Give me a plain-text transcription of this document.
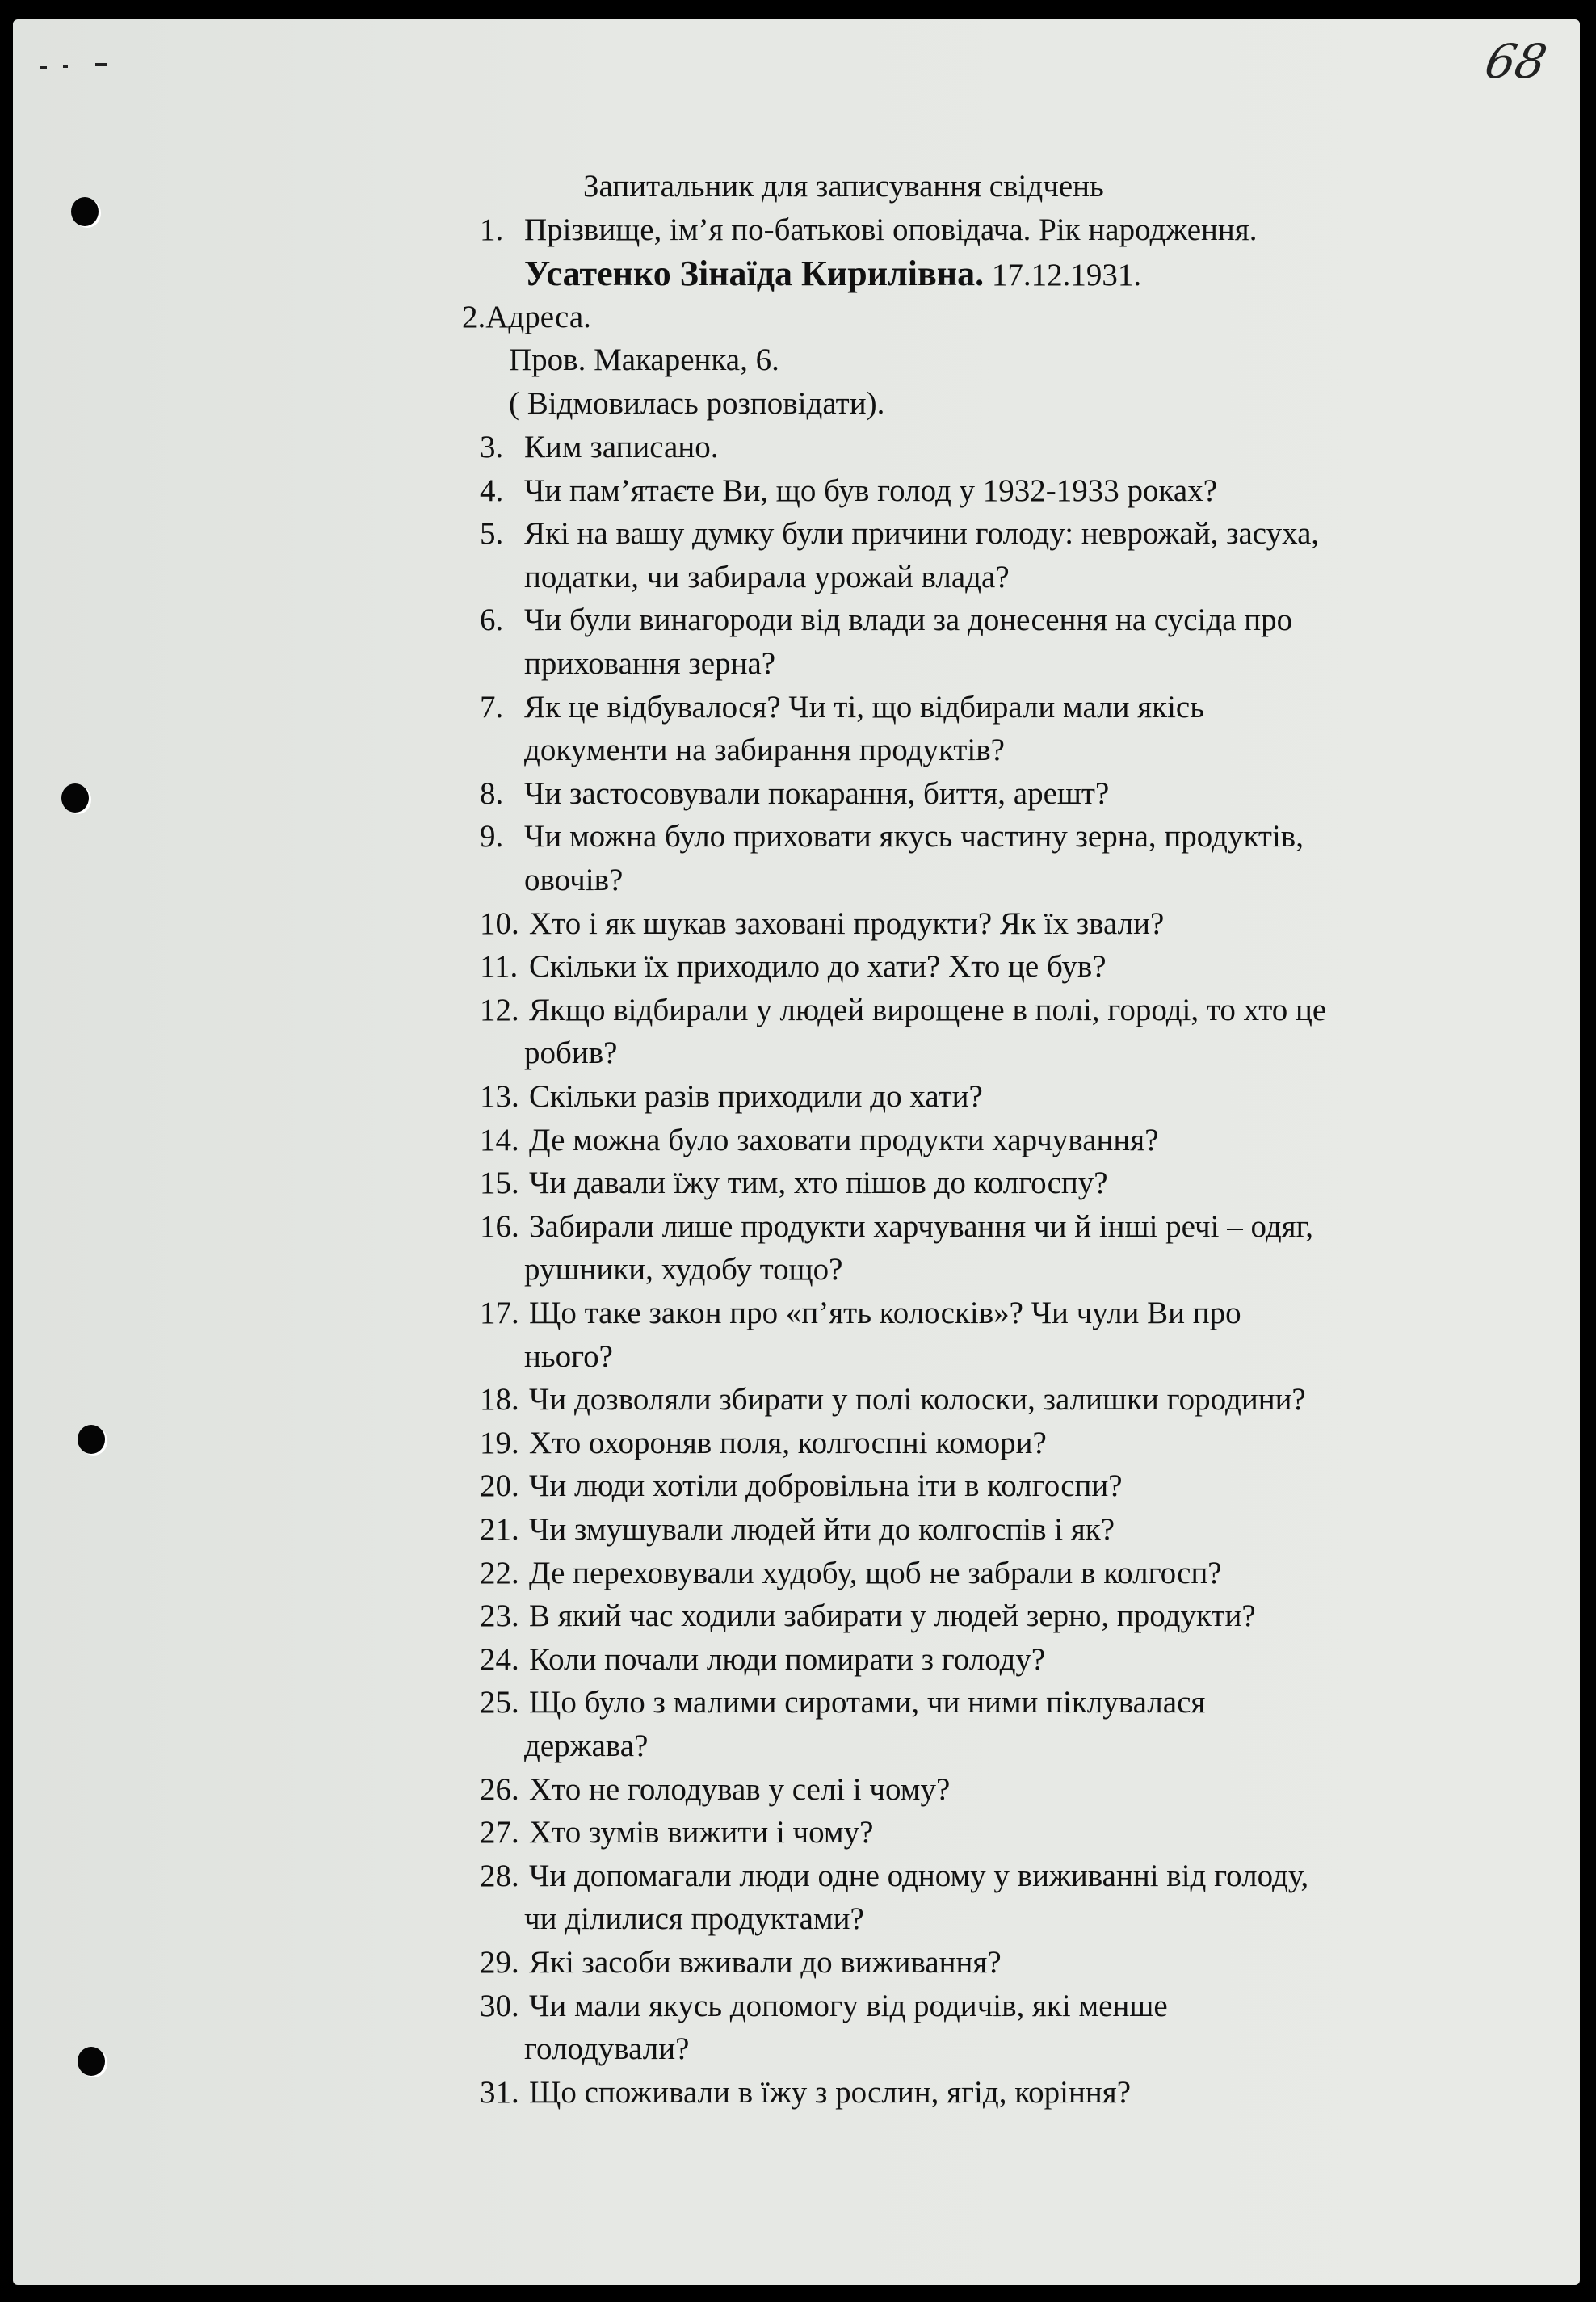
68
Запитальник для записування свідчень
1. Прізвище, ім’я по-батькові оповідача. Рік народження.
Усатенко Зінаїда Кирилівна. 17.12.1931.
2.Адреса.
Пров. Макаренка, 6.
( Відмовилась розповідати).
3. Ким записано.
4. Чи пам’ятаєте Ви, що був голод у 1932-1933 роках?
5. Які на вашу думку були причини голоду: неврожай, засуха,
податки, чи забирала урожай влада?
6. Чи були винагороди від влади за донесення на сусіда про
приховання зерна?
7. Як це відбувалося? Чи ті, що відбирали мали якісь
документи на забирання продуктів?
8. Чи застосовували покарання, биття, арешт?
9. Чи можна було приховати якусь частину зерна, продуктів,
овочів?
10. Хто і як шукав заховані продукти? Як їх звали?
11. Скільки їх приходило до хати? Хто це був?
12. Якщо відбирали у людей вирощене в полі, городі, то хто це
робив?
13. Скільки разів приходили до хати?
14. Де можна було заховати продукти харчування?
15. Чи давали їжу тим, хто пішов до колгоспу?
16. Забирали лише продукти харчування чи й інші речі – одяг,
рушники, худобу тощо?
17. Що таке закон про «п’ять колосків»? Чи чули Ви про
нього?
18. Чи дозволяли збирати у полі колоски, залишки городини?
19. Хто охороняв поля, колгоспні комори?
20. Чи люди хотіли добровільна іти в колгоспи?
21. Чи змушували людей йти до колгоспів і як?
22. Де переховували худобу, щоб не забрали в колгосп?
23. В який час ходили забирати у людей зерно, продукти?
24. Коли почали люди помирати з голоду?
25. Що було з малими сиротами, чи ними піклувалася
держава?
26. Хто не голодував у селі і чому?
27. Хто зумів вижити і чому?
28. Чи допомагали люди одне одному у виживанні від голоду,
чи ділилися продуктами?
29. Які засоби вживали до виживання?
30. Чи мали якусь допомогу від родичів, які менше
голодували?
31. Що споживали в їжу з рослин, ягід, коріння?
